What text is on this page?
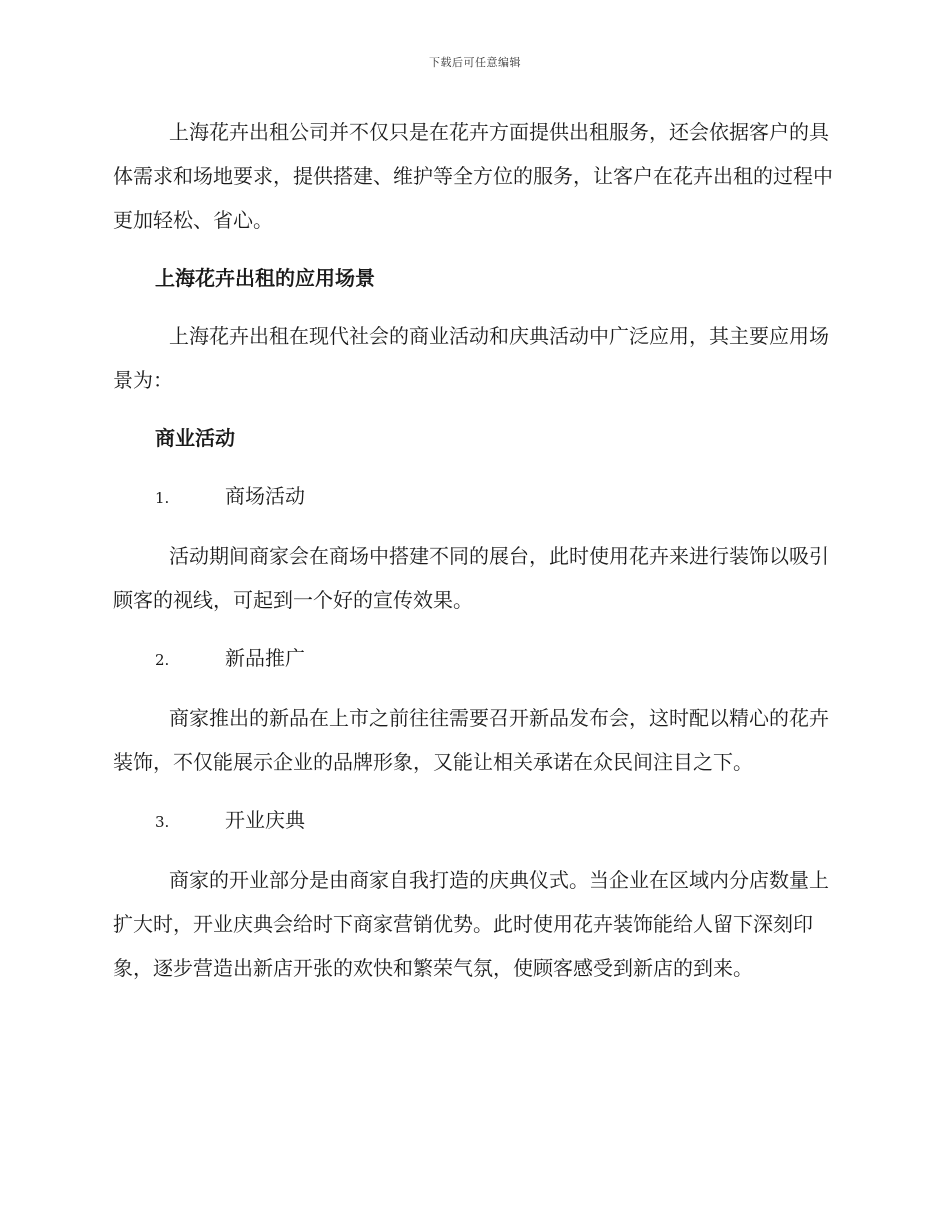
下载后可任意编辑

上海花卉出租公司并不仅只是在花卉方面提供出租服务，还会依据客户的具体需求和场地要求，提供搭建、维护等全方位的服务，让客户在花卉出租的过程中更加轻松、省心。

上海花卉出租的应用场景

上海花卉出租在现代社会的商业活动和庆典活动中广泛应用，其主要应用场景为：

商业活动
1.	商场活动

活动期间商家会在商场中搭建不同的展台，此时使用花卉来进行装饰以吸引顾客的视线，可起到一个好的宣传效果。

2.	新品推广

商家推出的新品在上市之前往往需要召开新品发布会，这时配以精心的花卉装饰，不仅能展示企业的品牌形象，又能让相关承诺在众民间注目之下。

3.	开业庆典

商家的开业部分是由商家自我打造的庆典仪式。当企业在区域内分店数量上扩大时，开业庆典会给时下商家营销优势。此时使用花卉装饰能给人留下深刻印象，逐步营造出新店开张的欢快和繁荣气氛，使顾客感受到新店的到来。
